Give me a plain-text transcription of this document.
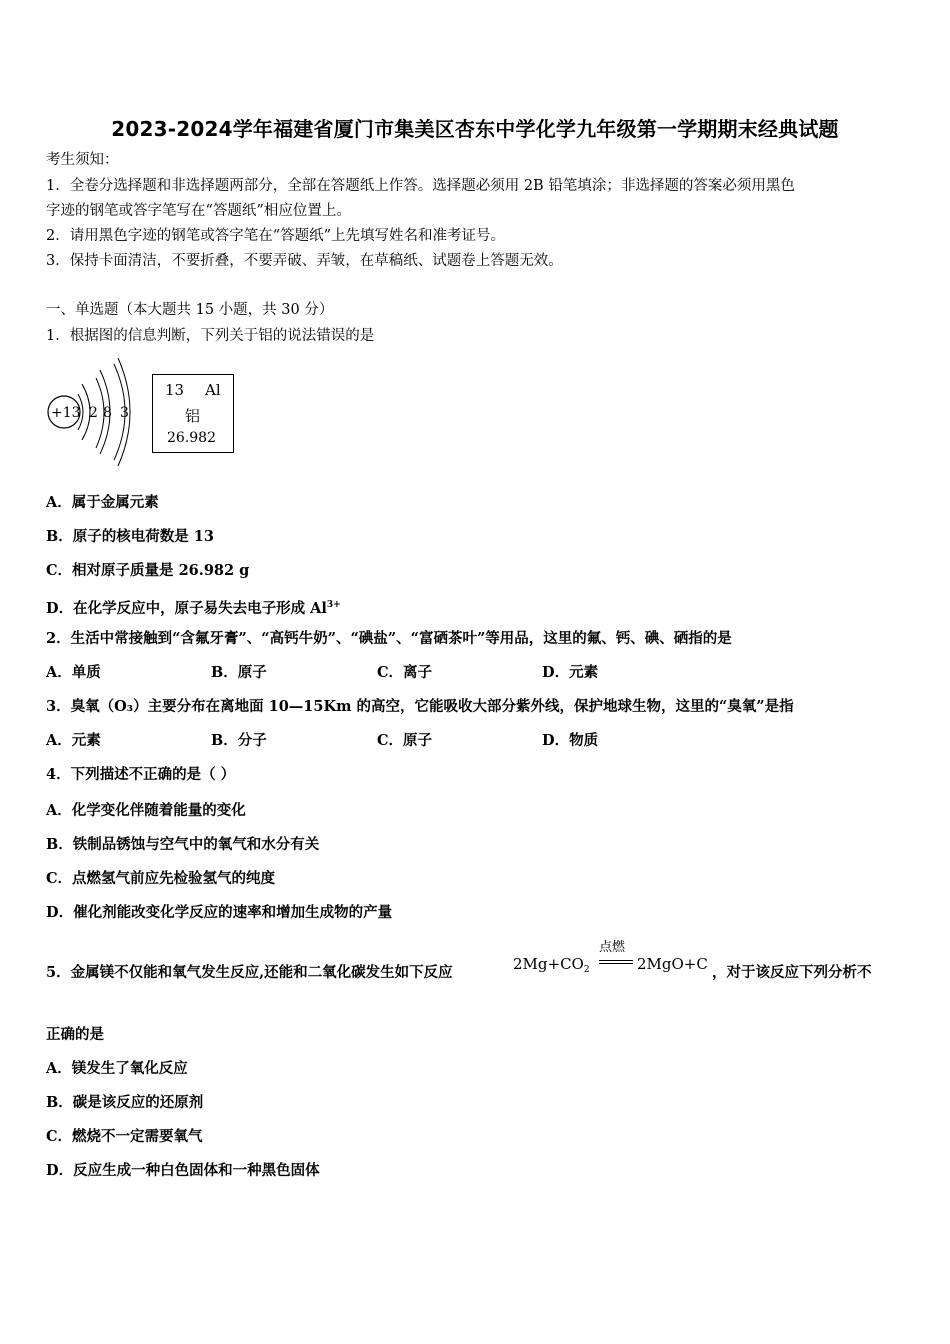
2023-2024学年福建省厦门市集美区杏东中学化学九年级第一学期期末经典试题
考生须知：
1．全卷分选择题和非选择题两部分，全部在答题纸上作答。选择题必须用 2B 铅笔填涂；非选择题的答案必须用黑色
字迹的钢笔或答字笔写在“答题纸”相应位置上。
2．请用黑色字迹的钢笔或答字笔在“答题纸”上先填写姓名和准考证号。
3．保持卡面清洁，不要折叠，不要弄破、弄皱，在草稿纸、试题卷上答题无效。
一、单选题（本大题共 15 小题，共 30 分）
1．根据图的信息判断，下列关于铝的说法错误的是
+13 2 8 3
13 Al
铝
26.982
A．属于金属元素
B．原子的核电荷数是 13
C．相对原子质量是 26.982 g
D．在化学反应中，原子易失去电子形成 $Al^{3+}$
2．生活中常接触到“含氟牙膏”、“高钙牛奶”、“碘盐”、“富硒茶叶”等用品，这里的氟、钙、碘、硒指的是
A．单质	B．原子	C．离子	D．元素
3．臭氧（O₃）主要分布在离地面 10—15Km 的高空，它能吸收大部分紫外线，保护地球生物，这里的“臭氧”是指
A．元素	B．分子	C．原子	D．物质
4．下列描述不正确的是（ ）
A．化学变化伴随着能量的变化
B．铁制品锈蚀与空气中的氧气和水分有关
C．点燃氢气前应先检验氢气的纯度
D．催化剂能改变化学反应的速率和增加生成物的产量
5．金属镁不仅能和氧气发生反应,还能和二氧化碳发生如下反应	$2Mg+CO_2$
点燃
2MgO+C ，对于该反应下列分析不
正确的是
A．镁发生了氧化反应
B．碳是该反应的还原剂
C．燃烧不一定需要氧气
D．反应生成一种白色固体和一种黑色固体
